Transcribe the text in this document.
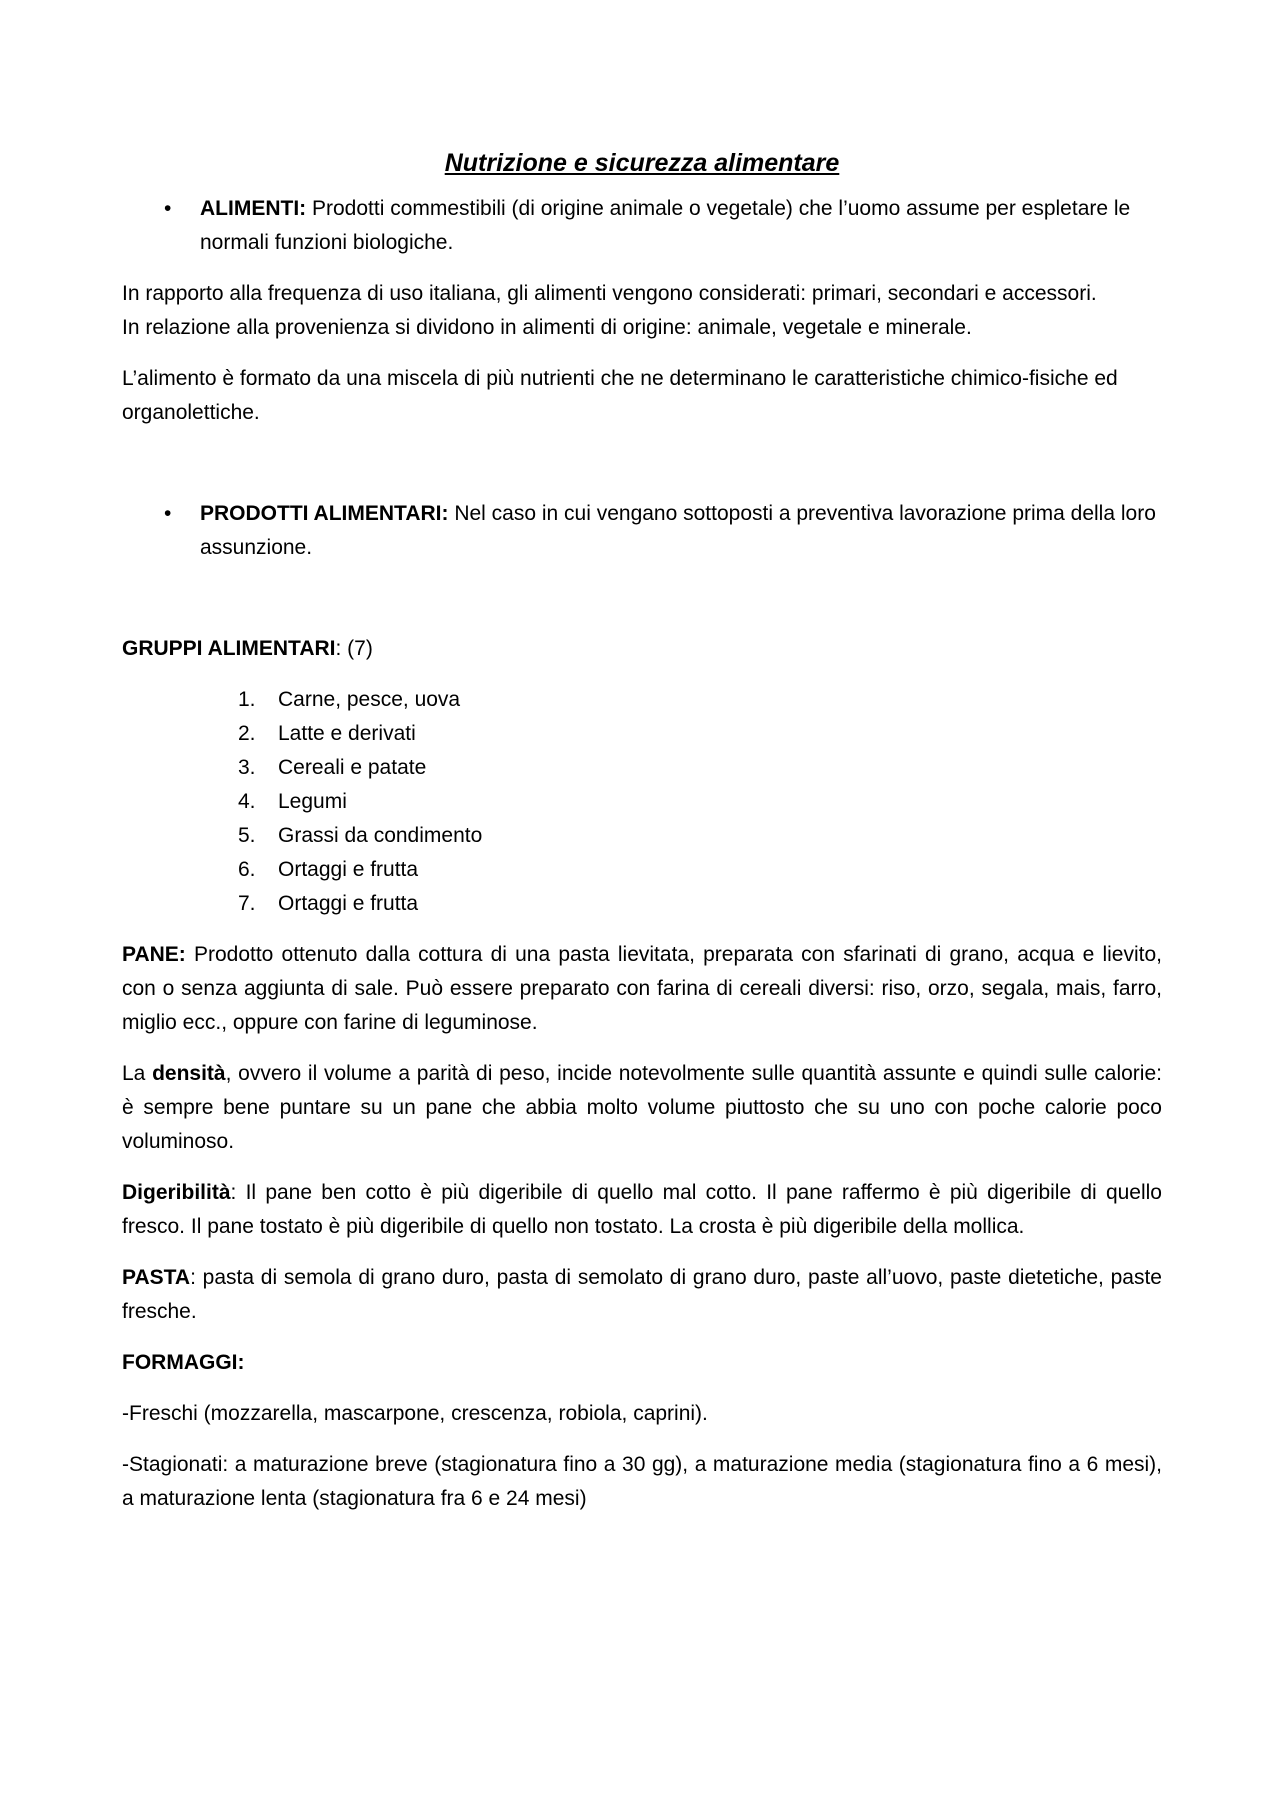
Nutrizione e sicurezza alimentare
• ALIMENTI: Prodotti commestibili (di origine animale o vegetale) che l’uomo assume per espletare le normali funzioni biologiche.

In rapporto alla frequenza di uso italiana, gli alimenti vengono considerati: primari, secondari e accessori.
In relazione alla provenienza si dividono in alimenti di origine: animale, vegetale e minerale.

L’alimento è formato da una miscela di più nutrienti che ne determinano le caratteristiche chimico-fisiche ed organolettiche.

• PRODOTTI ALIMENTARI: Nel caso in cui vengano sottoposti a preventiva lavorazione prima della loro assunzione.

GRUPPI ALIMENTARI: (7)

1. Carne, pesce, uova
2. Latte e derivati
3. Cereali e patate
4. Legumi
5. Grassi da condimento
6. Ortaggi e frutta
7. Ortaggi e frutta

PANE: Prodotto ottenuto dalla cottura di una pasta lievitata, preparata con sfarinati di grano, acqua e lievito, con o senza aggiunta di sale. Può essere preparato con farina di cereali diversi: riso, orzo, segala, mais, farro, miglio ecc., oppure con farine di leguminose.

La densità, ovvero il volume a parità di peso, incide notevolmente sulle quantità assunte e quindi sulle calorie: è sempre bene puntare su un pane che abbia molto volume piuttosto che su uno con poche calorie poco voluminoso.

Digeribilità: Il pane ben cotto è più digeribile di quello mal cotto. Il pane raffermo è più digeribile di quello fresco. Il pane tostato è più digeribile di quello non tostato. La crosta è più digeribile della mollica.

PASTA: pasta di semola di grano duro, pasta di semolato di grano duro, paste all’uovo, paste dietetiche, paste fresche.

FORMAGGI:

-Freschi (mozzarella, mascarpone, crescenza, robiola, caprini).

-Stagionati: a maturazione breve (stagionatura fino a 30 gg), a maturazione media (stagionatura fino a 6 mesi), a maturazione lenta (stagionatura fra 6 e 24 mesi)
